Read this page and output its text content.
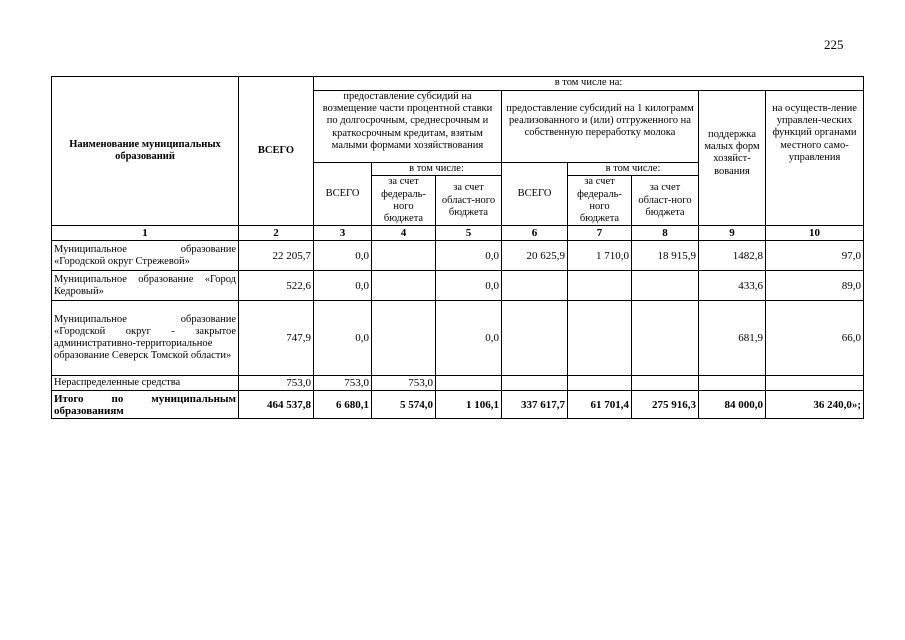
225
Наименование муниципальных образований	ВСЕГО	в том числе на:							
		предоставление субсидий на возмещение части процентной ставки по долгосрочным, среднесрочным и краткосрочным кредитам, взятым малыми формами хозяйствования			предоставление субсидий на 1 килограмм реализованного и (или) отгруженного на собственную переработку молока			поддержка малых форм хозяйст-вования	на осуществ-ление управлен-ческих функций органами местного само-управления
		ВСЕГО	в том числе:		ВСЕГО	в том числе:			
			за счет федераль-ного бюджета	за счет област-ного бюджета		за счет федераль-ного бюджета	за счет област-ного бюджета		

1	2	3	4	5	6	7	8	9	10
Муниципальное образование «Городской округ Стрежевой»	22 205,7	0,0		0,0	20 625,9	1 710,0	18 915,9	1482,8	97,0
Муниципальное образование «Город Кедровый»	522,6	0,0		0,0				433,6	89,0
Муниципальное образование «Городской округ - закрытое административно-территориальное образование Северск Томской области»	747,9	0,0		0,0				681,9	66,0
Нераспределенные средства	753,0	753,0	753,0						
Итого по муниципальным образованиям	464 537,8	6 680,1	5 574,0	1 106,1	337 617,7	61 701,4	275 916,3	84 000,0	36 240,0»;
